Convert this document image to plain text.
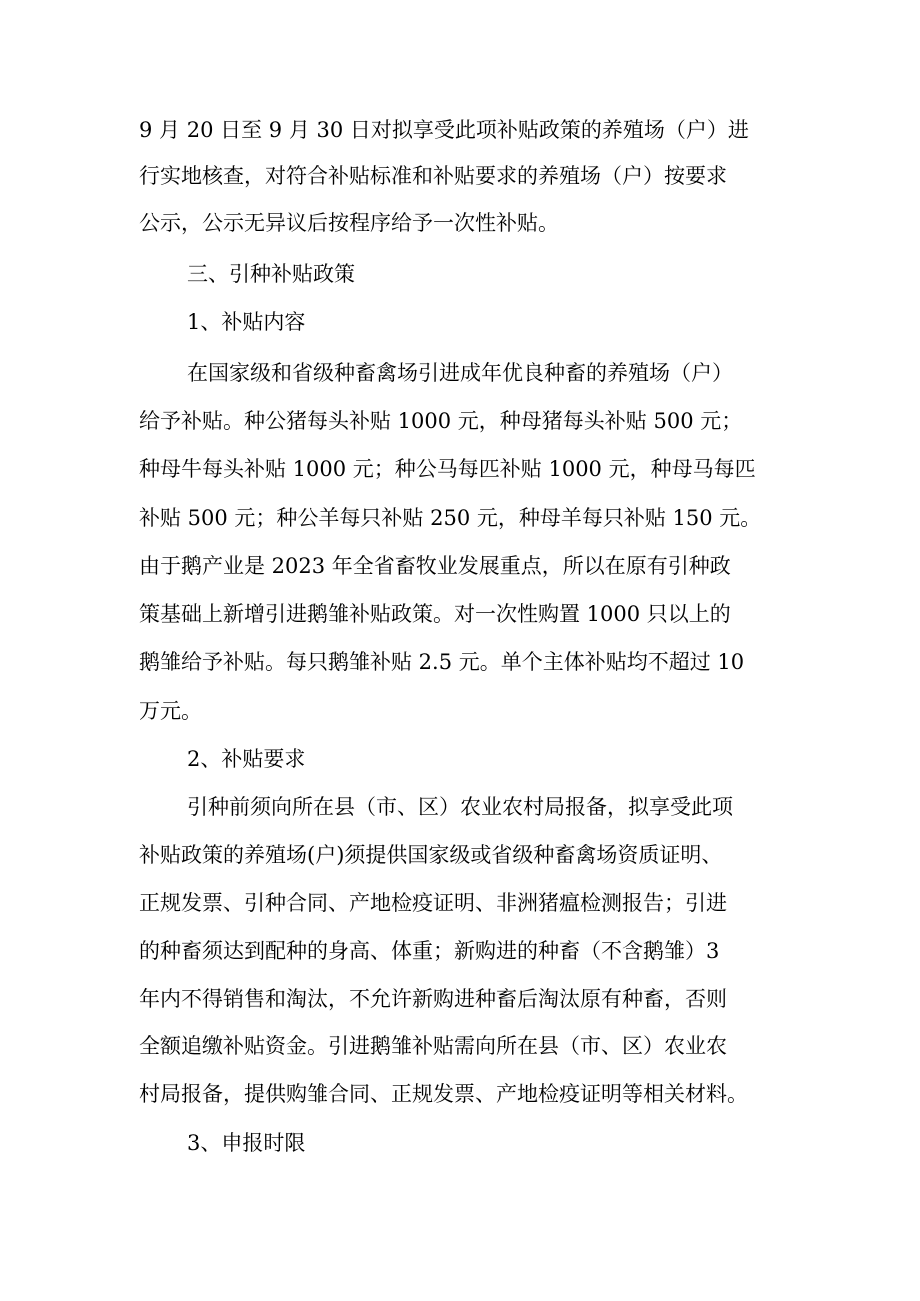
9 月 20 日至 9 月 30 日对拟享受此项补贴政策的养殖场（户）进
行实地核查，对符合补贴标准和补贴要求的养殖场（户）按要求
公示，公示无异议后按程序给予一次性补贴。
三、引种补贴政策
1、补贴内容
在国家级和省级种畜禽场引进成年优良种畜的养殖场（户）
给予补贴。种公猪每头补贴 1000 元，种母猪每头补贴 500 元；
种母牛每头补贴 1000 元；种公马每匹补贴 1000 元，种母马每匹
补贴 500 元；种公羊每只补贴 250 元，种母羊每只补贴 150 元。
由于鹅产业是 2023 年全省畜牧业发展重点，所以在原有引种政
策基础上新增引进鹅雏补贴政策。对一次性购置 1000 只以上的
鹅雏给予补贴。每只鹅雏补贴 2.5 元。单个主体补贴均不超过 10
万元。
2、补贴要求
引种前须向所在县（市、区）农业农村局报备，拟享受此项
补贴政策的养殖场(户)须提供国家级或省级种畜禽场资质证明、
正规发票、引种合同、产地检疫证明、非洲猪瘟检测报告；引进
的种畜须达到配种的身高、体重；新购进的种畜（不含鹅雏）3
年内不得销售和淘汰，不允许新购进种畜后淘汰原有种畜，否则
全额追缴补贴资金。引进鹅雏补贴需向所在县（市、区）农业农
村局报备，提供购雏合同、正规发票、产地检疫证明等相关材料。
3、申报时限
